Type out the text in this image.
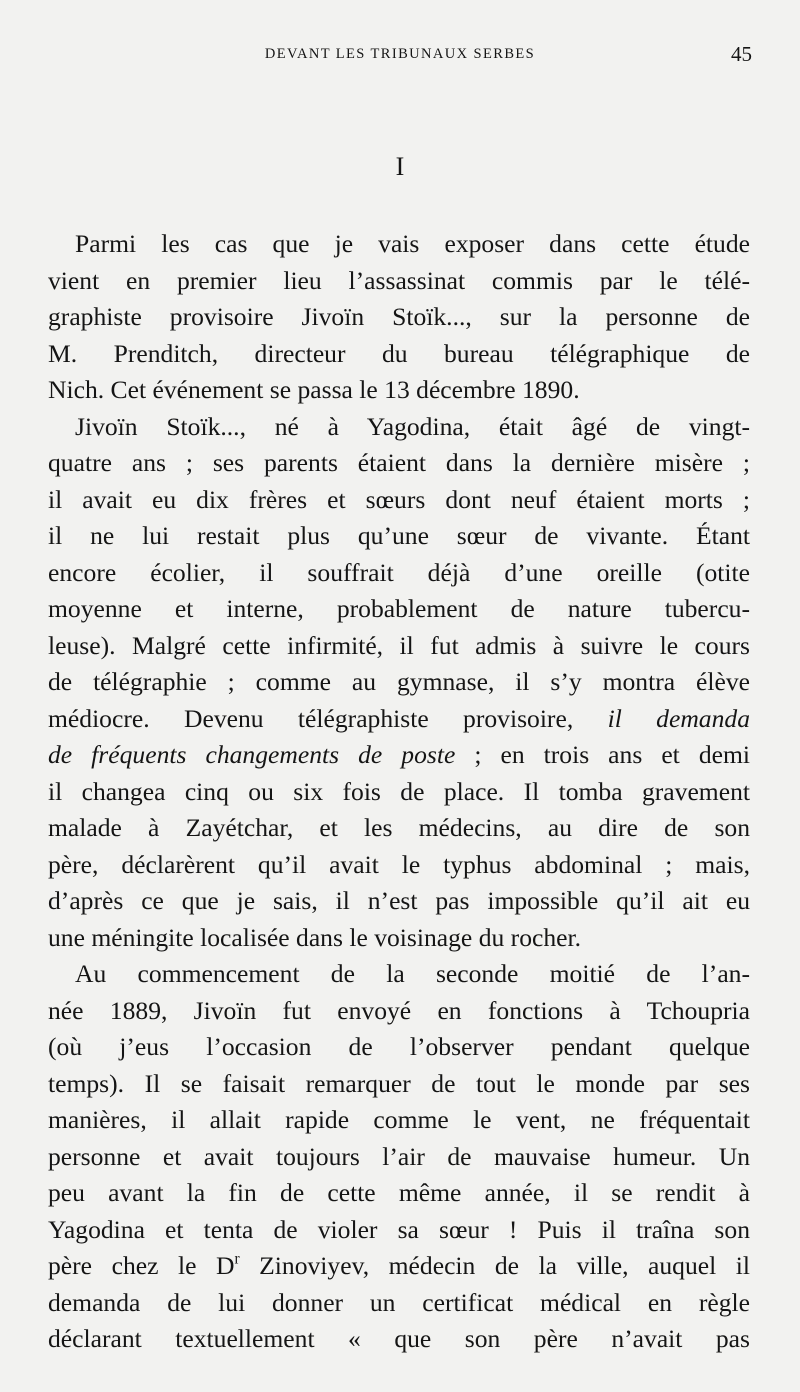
DEVANT LES TRIBUNAUX SERBES	45
I
Parmi les cas que je vais exposer dans cette étude
vient en premier lieu l’assassinat commis par le télé-
graphiste provisoire Jivoïn Stoïk..., sur la personne de
M. Prenditch, directeur du bureau télégraphique de
Nich. Cet événement se passa le 13 décembre 1890.
Jivoïn Stoïk..., né à Yagodina, était âgé de vingt-
quatre ans ; ses parents étaient dans la dernière misère ;
il avait eu dix frères et sœurs dont neuf étaient morts ;
il ne lui restait plus qu’une sœur de vivante. Étant
encore écolier, il souffrait déjà d’une oreille (otite
moyenne et interne, probablement de nature tubercu-
leuse). Malgré cette infirmité, il fut admis à suivre le cours
de télégraphie ; comme au gymnase, il s’y montra élève
médiocre. Devenu télégraphiste provisoire, il demanda
de fréquents changements de poste ; en trois ans et demi
il changea cinq ou six fois de place. Il tomba gravement
malade à Zayétchar, et les médecins, au dire de son
père, déclarèrent qu’il avait le typhus abdominal ; mais,
d’après ce que je sais, il n’est pas impossible qu’il ait eu
une méningite localisée dans le voisinage du rocher.
Au commencement de la seconde moitié de l’an-
née 1889, Jivoïn fut envoyé en fonctions à Tchoupria
(où j’eus l’occasion de l’observer pendant quelque
temps). Il se faisait remarquer de tout le monde par ses
manières, il allait rapide comme le vent, ne fréquentait
personne et avait toujours l’air de mauvaise humeur. Un
peu avant la fin de cette même année, il se rendit à
Yagodina et tenta de violer sa sœur ! Puis il traîna son
père chez le $D^r$ Zinoviyev, médecin de la ville, auquel il
demanda de lui donner un certificat médical en règle
déclarant textuellement « que son père n’avait pas
